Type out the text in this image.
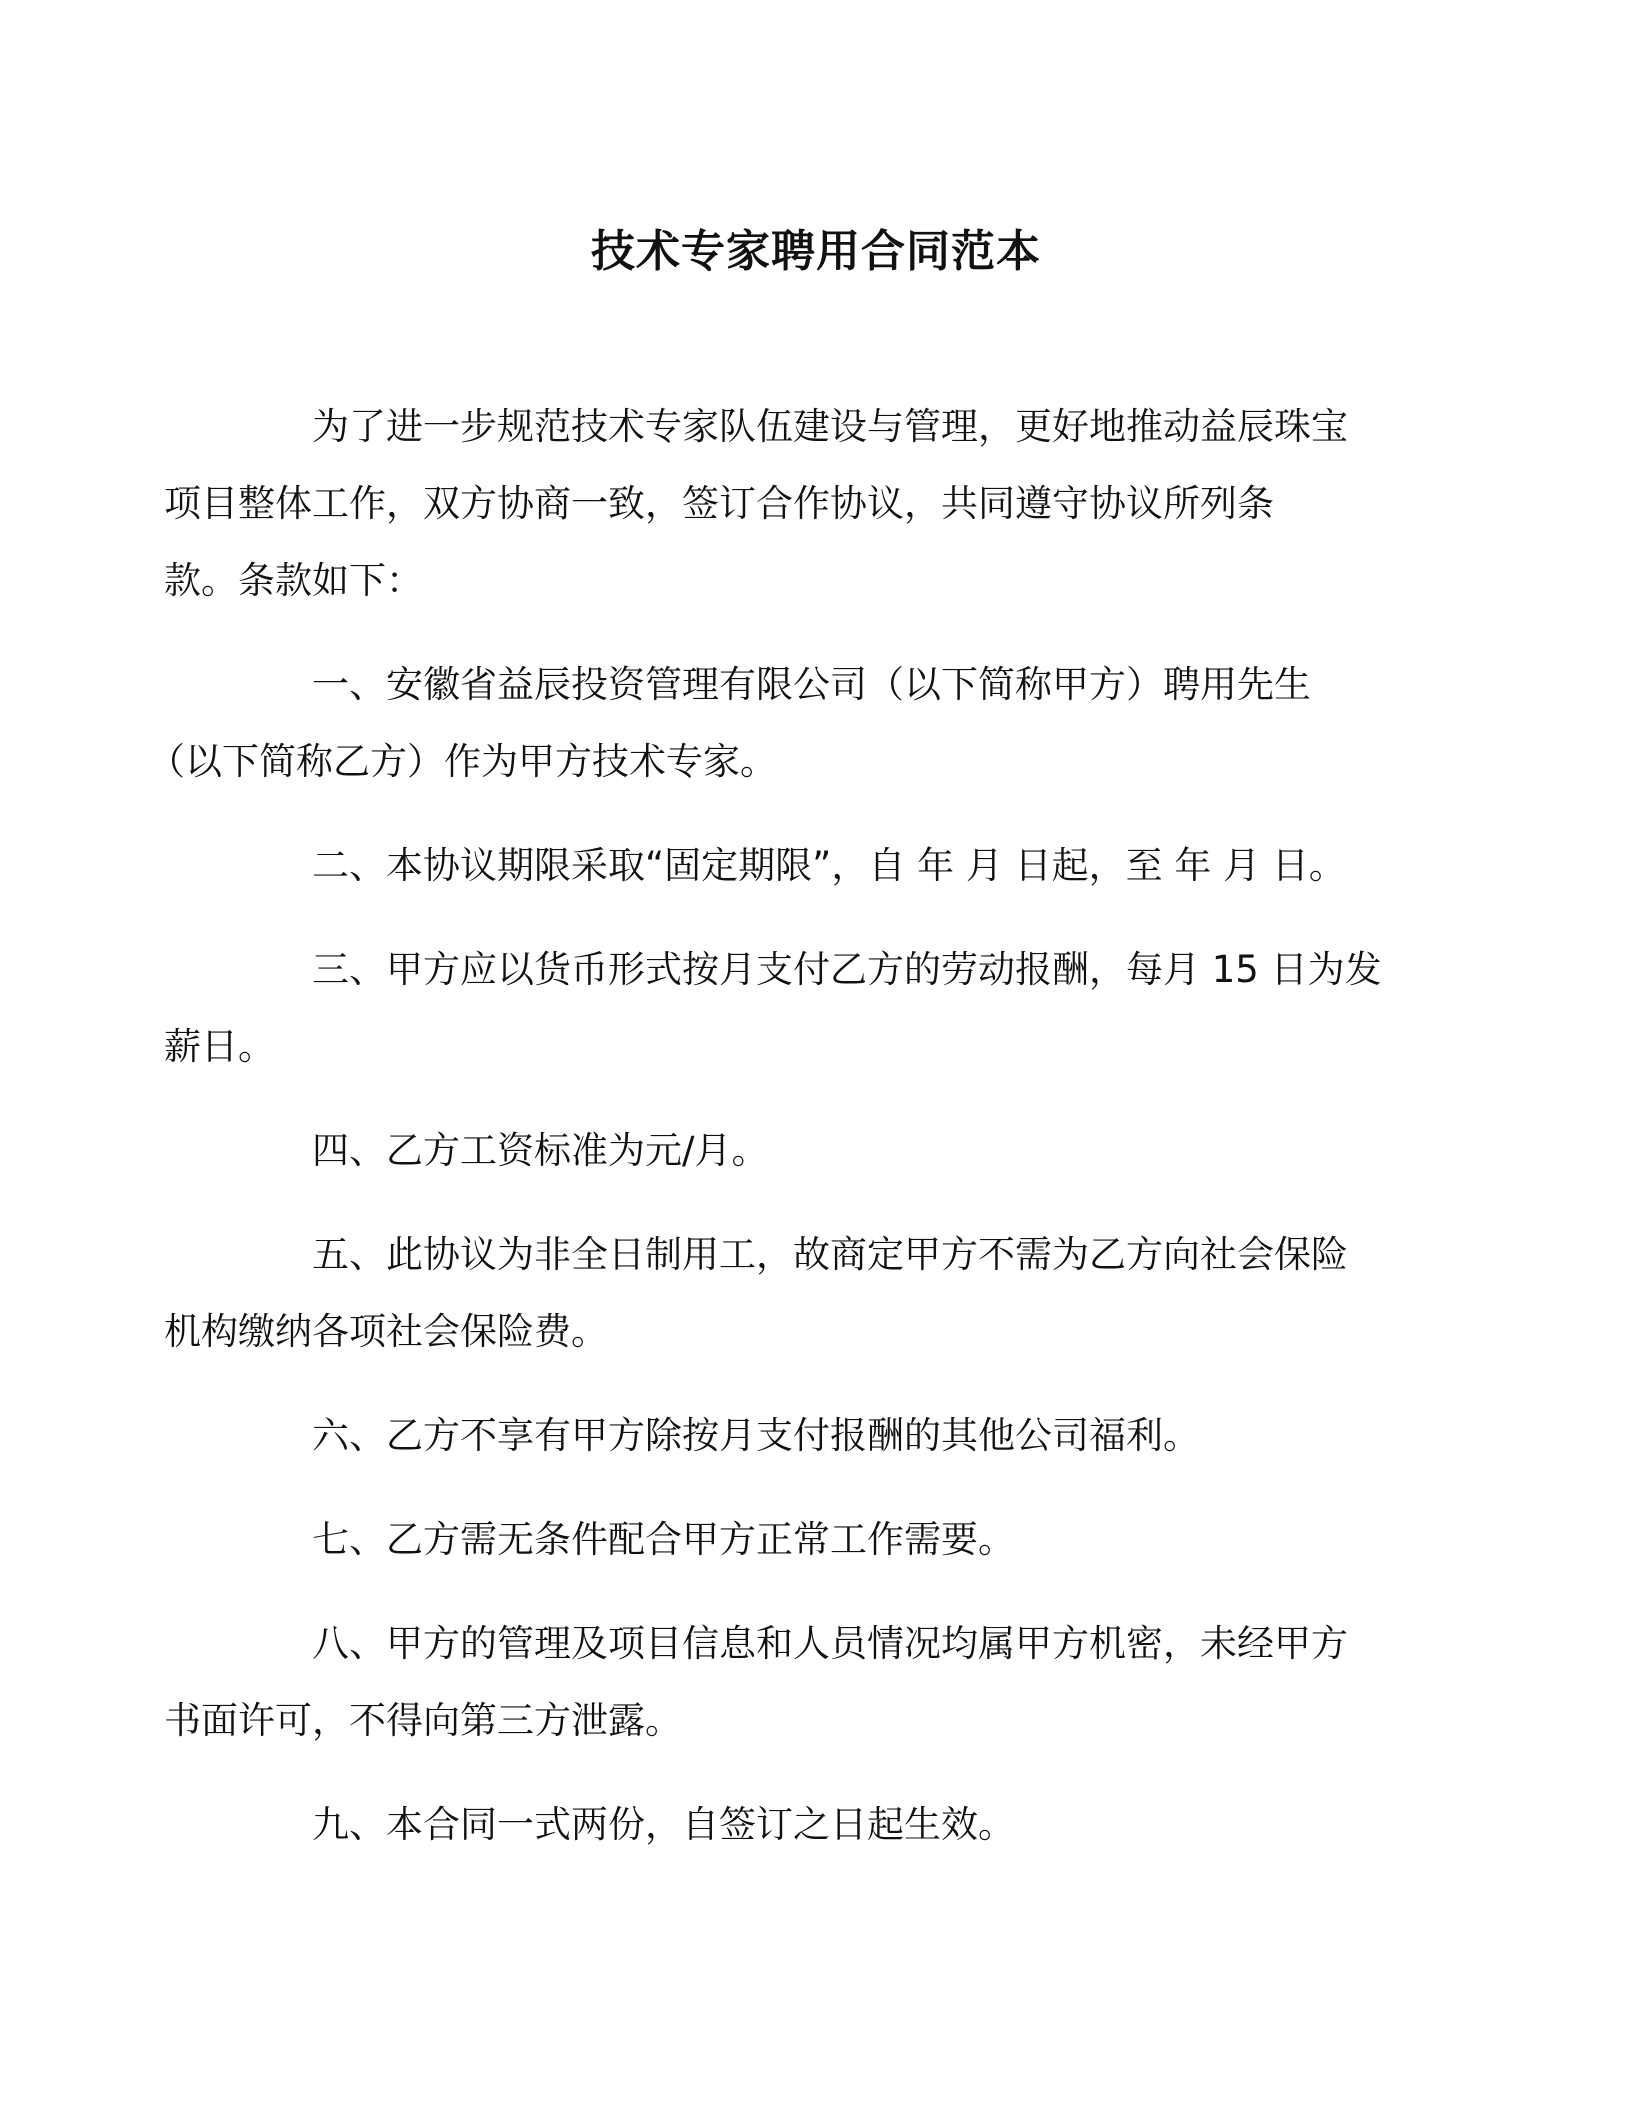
技术专家聘用合同范本

为了进一步规范技术专家队伍建设与管理，更好地推动益辰珠宝
项目整体工作，双方协商一致，签订合作协议，共同遵守协议所列条
款。条款如下：

一、安徽省益辰投资管理有限公司（以下简称甲方）聘用先生
（以下简称乙方）作为甲方技术专家。

二、本协议期限采取“固定期限”，自 年 月 日起，至 年 月 日。

三、甲方应以货币形式按月支付乙方的劳动报酬，每月 15 日为发
薪日。

四、乙方工资标准为元/月。

五、此协议为非全日制用工，故商定甲方不需为乙方向社会保险
机构缴纳各项社会保险费。

六、乙方不享有甲方除按月支付报酬的其他公司福利。

七、乙方需无条件配合甲方正常工作需要。

八、甲方的管理及项目信息和人员情况均属甲方机密，未经甲方
书面许可，不得向第三方泄露。

九、本合同一式两份，自签订之日起生效。
